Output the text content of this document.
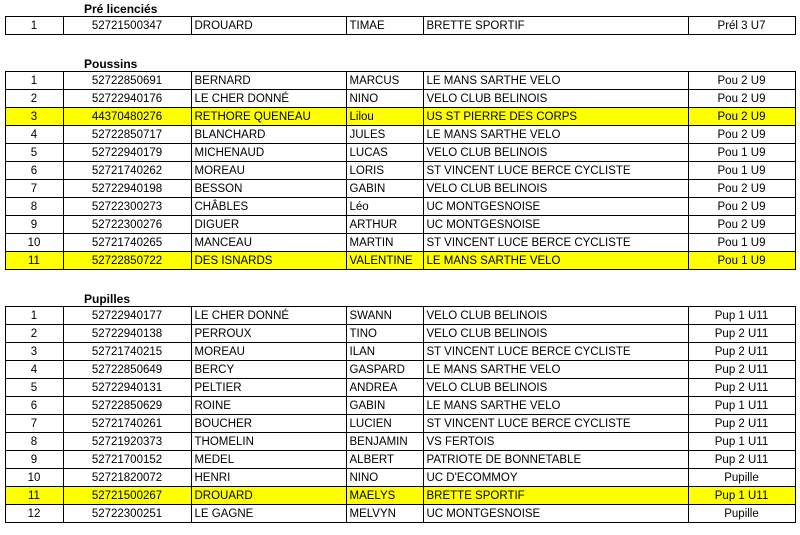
Pré licenciés
1	52721500347	DROUARD	TIMAE	BRETTE SPORTIF	Prél 3 U7
Poussins
1	52722850691	BERNARD	MARCUS	LE MANS SARTHE VELO	Pou 2 U9
2	52722940176	LE CHER DONNÉ	NINO	VELO CLUB BELINOIS	Pou 2 U9
3	44370480276	RETHORE QUENEAU	Lilou	US ST PIERRE DES CORPS	Pou 2 U9
4	52722850717	BLANCHARD	JULES	LE MANS SARTHE VELO	Pou 2 U9
5	52722940179	MICHENAUD	LUCAS	VELO CLUB BELINOIS	Pou 1 U9
6	52721740262	MOREAU	LORIS	ST VINCENT LUCE BERCE CYCLISTE	Pou 1 U9
7	52722940198	BESSON	GABIN	VELO CLUB BELINOIS	Pou 2 U9
8	52722300273	CHÂBLES	Léo	UC MONTGESNOISE	Pou 2 U9
9	52722300276	DIGUER	ARTHUR	UC MONTGESNOISE	Pou 2 U9
10	52721740265	MANCEAU	MARTIN	ST VINCENT LUCE BERCE CYCLISTE	Pou 1 U9
11	52722850722	DES ISNARDS	VALENTINE	LE MANS SARTHE VELO	Pou 1 U9
Pupilles
1	52722940177	LE CHER DONNÉ	SWANN	VELO CLUB BELINOIS	Pup 1 U11
2	52722940138	PERROUX	TINO	VELO CLUB BELINOIS	Pup 2 U11
3	52721740215	MOREAU	ILAN	ST VINCENT LUCE BERCE CYCLISTE	Pup 2 U11
4	52722850649	BERCY	GASPARD	LE MANS SARTHE VELO	Pup 2 U11
5	52722940131	PELTIER	ANDREA	VELO CLUB BELINOIS	Pup 2 U11
6	52722850629	ROINE	GABIN	LE MANS SARTHE VELO	Pup 1 U11
7	52721740261	BOUCHER	LUCIEN	ST VINCENT LUCE BERCE CYCLISTE	Pup 2 U11
8	52721920373	THOMELIN	BENJAMIN	VS FERTOIS	Pup 1 U11
9	52721700152	MEDEL	ALBERT	PATRIOTE DE BONNETABLE	Pup 2 U11
10	52721820072	HENRI	NINO	UC D'ECOMMOY	Pupille
11	52721500267	DROUARD	MAELYS	BRETTE SPORTIF	Pup 1 U11
12	52722300251	LE GAGNE	MELVYN	UC MONTGESNOISE	Pupille
